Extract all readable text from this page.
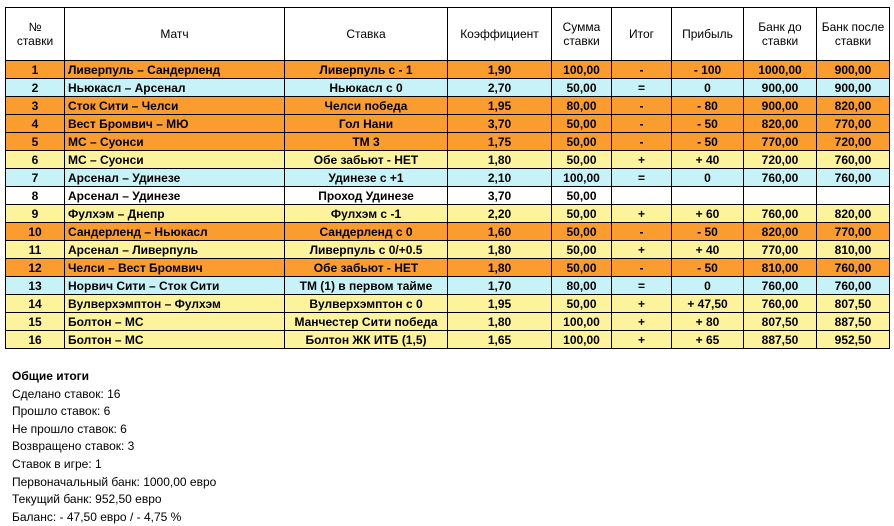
№ ставки	Матч	Ставка	Коэффициент	Сумма ставки	Итог	Прибыль	Банк до ставки	Банк после ставки
1	Ливерпуль – Сандерленд	Ливерпуль с - 1	1,90	100,00	-	- 100	1000,00	900,00
2	Ньюкасл – Арсенал	Ньюкасл с 0	2,70	50,00	=	0	900,00	900,00
3	Сток Сити – Челси	Челси победа	1,95	80,00	-	- 80	900,00	820,00
4	Вест Бромвич – МЮ	Гол Нани	3,70	50,00	-	- 50	820,00	770,00
5	МС – Суонси	ТМ 3	1,75	50,00	-	- 50	770,00	720,00
6	МС – Суонси	Обе забьют - НЕТ	1,80	50,00	+	+ 40	720,00	760,00
7	Арсенал – Удинезе	Удинезе с +1	2,10	100,00	=	0	760,00	760,00
8	Арсенал – Удинезе	Проход Удинезе	3,70	50,00				
9	Фулхэм – Днепр	Фулхэм с -1	2,20	50,00	+	+ 60	760,00	820,00
10	Сандерленд – Ньюкасл	Сандерленд с 0	1,60	50,00	-	- 50	820,00	770,00
11	Арсенал – Ливерпуль	Ливерпуль с 0/+0.5	1,80	50,00	+	+ 40	770,00	810,00
12	Челси – Вест Бромвич	Обе забьют - НЕТ	1,80	50,00	-	- 50	810,00	760,00
13	Норвич Сити – Сток Сити	ТМ (1) в первом тайме	1,70	80,00	=	0	760,00	760,00
14	Вулверхэмптон – Фулхэм	Вулверхэмптон с 0	1,95	50,00	+	+ 47,50	760,00	807,50
15	Болтон – МС	Манчестер Сити победа	1,80	100,00	+	+ 80	807,50	887,50
16	Болтон – МС	Болтон ЖК ИТБ (1,5)	1,65	100,00	+	+ 65	887,50	952,50
Общие итоги
Сделано ставок: 16
Прошло ставок: 6
Не прошло ставок: 6
Возвращено ставок: 3
Ставок в игре: 1
Первоначальный банк: 1000,00 евро
Текущий банк: 952,50 евро
Баланс: - 47,50 евро / - 4,75 %
